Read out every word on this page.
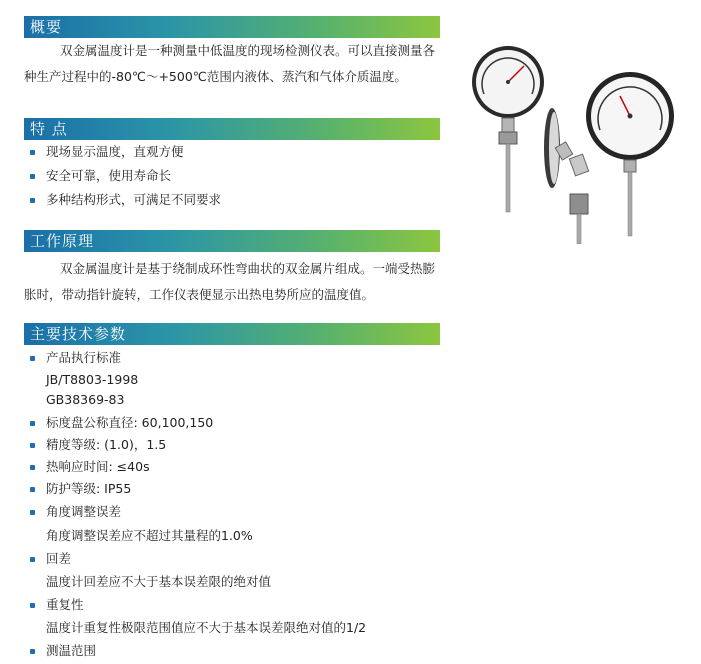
概要

双金属温度计是一种测量中低温度的现场检测仪表。可以直接测量各种生产过程中的-80℃～+500℃范围内液体、蒸汽和气体介质温度。

特 点
现场显示温度，直观方便
安全可靠，使用寿命长
多种结构形式，可满足不同要求
工作原理

双金属温度计是基于绕制成环性弯曲状的双金属片组成。一端受热膨胀时，带动指针旋转，工作仪表便显示出热电势所应的温度值。

主要技术参数
产品执行标准
JB/T8803-1998
GB38369-83
标度盘公称直径: 60,100,150
精度等级: (1.0)，1.5
热响应时间: ≤40s
防护等级: IP55
角度调整误差
角度调整误差应不超过其量程的1.0%
回差
温度计回差应不大于基本误差限的绝对值
重复性
温度计重复性极限范围值应不大于基本误差限绝对值的1/2
测温范围
